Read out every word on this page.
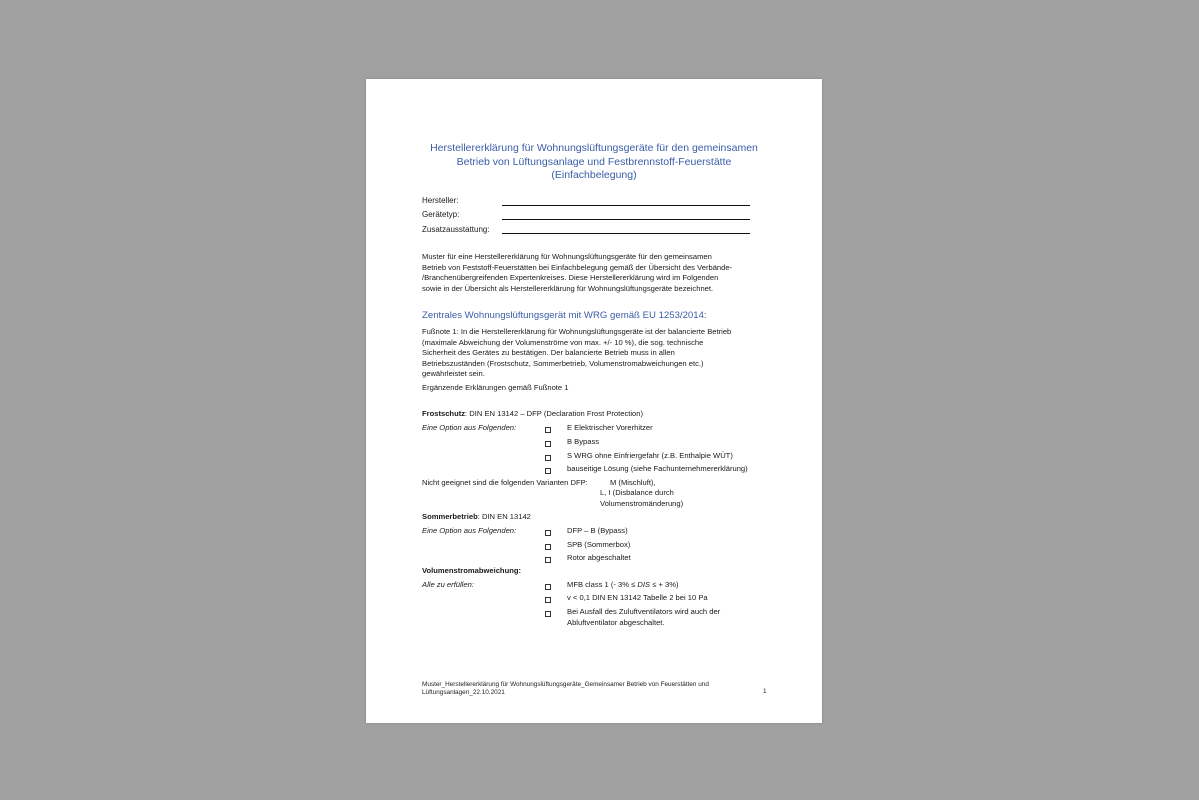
Herstellererklärung für Wohnungslüftungsgeräte für den gemeinsamen
Betrieb von Lüftungsanlage und Festbrennstoff-Feuerstätte
(Einfachbelegung)
Hersteller:
Gerätetyp:
Zusatzausstattung:
Muster für eine Herstellererklärung für Wohnungslüftungsgeräte für den gemeinsamen
Betrieb von Feststoff-Feuerstätten bei Einfachbelegung gemäß der Übersicht des Verbände-
/Branchenübergreifenden Expertenkreises. Diese Herstellererklärung wird im Folgenden
sowie in der Übersicht als Herstellererklärung für Wohnungslüftungsgeräte bezeichnet.
Zentrales Wohnungslüftungsgerät mit WRG gemäß EU 1253/2014:
Fußnote 1: In die Herstellererklärung für Wohnungslüftungsgeräte ist der balancierte Betrieb
(maximale Abweichung der Volumenströme von max. +/- 10 %), die sog. technische
Sicherheit des Gerätes zu bestätigen. Der balancierte Betrieb muss in allen
Betriebszuständen (Frostschutz, Sommerbetrieb, Volumenstromabweichungen etc.)
gewährleistet sein.
Ergänzende Erklärungen gemäß Fußnote 1
Frostschutz: DIN EN 13142 – DFP (Declaration Frost Protection)
Eine Option aus Folgenden:	E Elektrischer Vorerhitzer
B Bypass
S WRG ohne Einfriergefahr (z.B. Enthalpie WÜT)
bauseitige Lösung (siehe Fachunternehmererklärung)
Nicht geeignet sind die folgenden Varianten DFP:	M (Mischluft),
L, I (Disbalance durch
Volumenstromänderung)
Sommerbetrieb: DIN EN 13142
Eine Option aus Folgenden:	DFP – B (Bypass)
SPB (Sommerbox)
Rotor abgeschaltet
Volumenstromabweichung:
Alle zu erfüllen:	MFB class 1 (- 3% ≤ DIS ≤ + 3%)
v < 0,1 DIN EN 13142 Tabelle 2 bei 10 Pa
Bei Ausfall des Zuluftventilators wird auch der
Abluftventilator abgeschaltet.
Muster_Herstellererklärung für Wohnungslüftungsgeräte_Gemeinsamer Betrieb von Feuerstätten und
Lüftungsanlagen_22.10.2021	1
